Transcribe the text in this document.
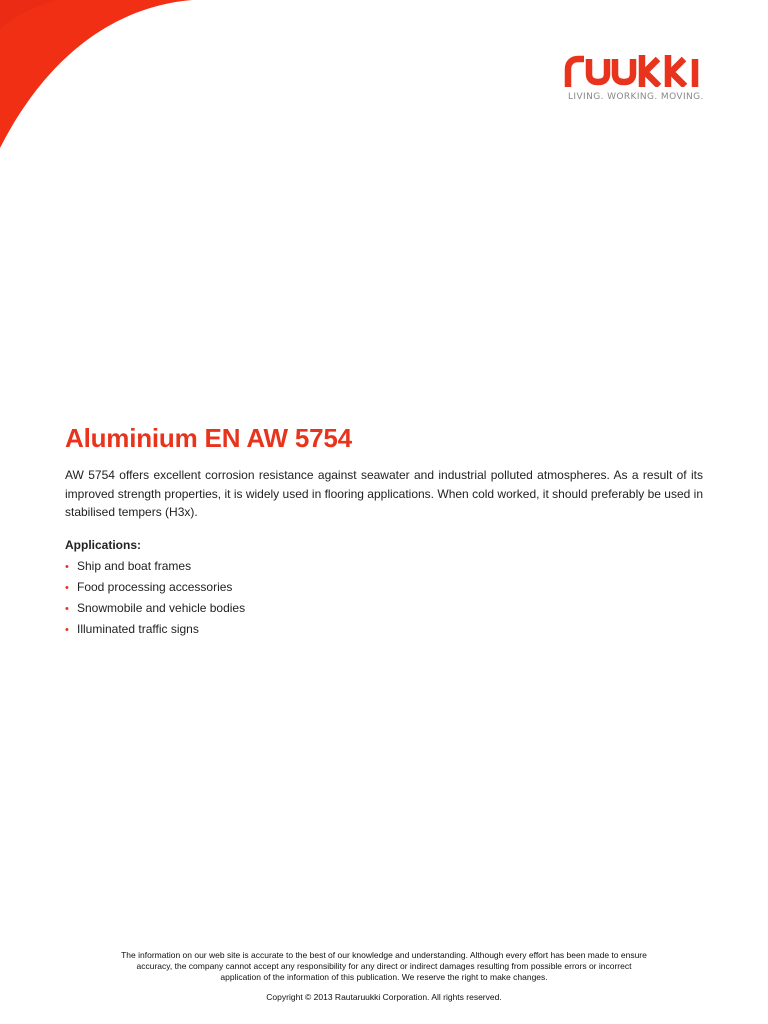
LIVING. WORKING. MOVING.
Aluminium EN AW 5754

AW 5754 offers excellent corrosion resistance against seawater and industrial polluted atmospheres. As a result of its improved strength properties, it is widely used in flooring applications. When cold worked, it should preferably be used in stabilised tempers (H3x).

Applications:
• Ship and boat frames
• Food processing accessories
• Snowmobile and vehicle bodies
• Illuminated traffic signs

The information on our web site is accurate to the best of our knowledge and understanding. Although every effort has been made to ensure
accuracy, the company cannot accept any responsibility for any direct or indirect damages resulting from possible errors or incorrect
application of the information of this publication. We reserve the right to make changes.

Copyright © 2013 Rautaruukki Corporation. All rights reserved.
